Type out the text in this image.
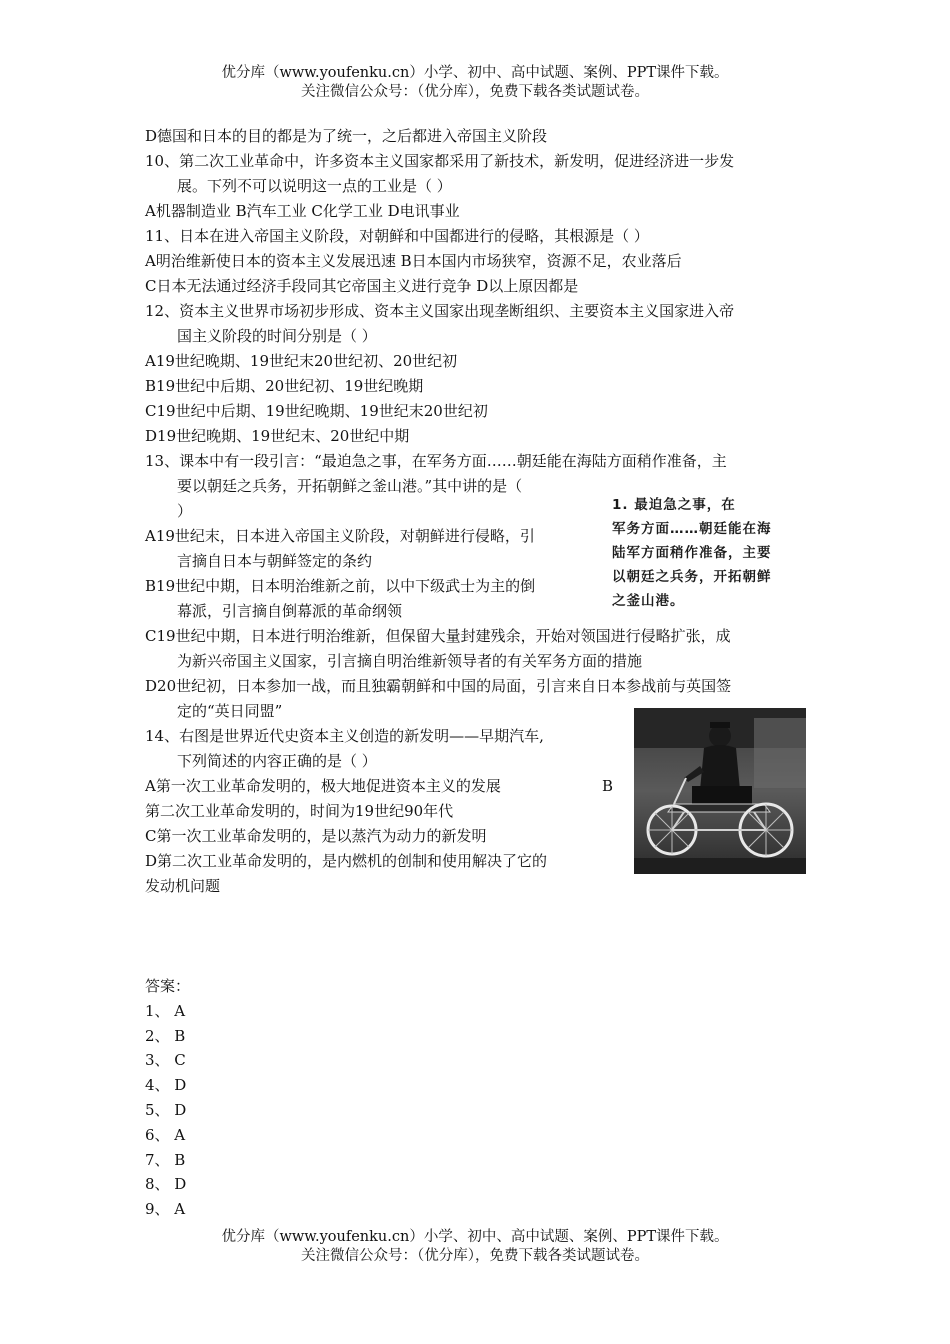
优分库（www.youfenku.cn）小学、初中、高中试题、案例、PPT课件下载。
关注微信公众号：（优分库），免费下载各类试题试卷。
D德国和日本的目的都是为了统一，之后都进入帝国主义阶段
10、第二次工业革命中，许多资本主义国家都采用了新技术，新发明，促进经济进一步发
展。下列不可以说明这一点的工业是（ ）
A机器制造业 B汽车工业 C化学工业 D电讯事业
11、日本在进入帝国主义阶段，对朝鲜和中国都进行的侵略，其根源是（ ）
A明治维新使日本的资本主义发展迅速 B日本国内市场狭窄，资源不足，农业落后
C日本无法通过经济手段同其它帝国主义进行竞争 D以上原因都是
12、资本主义世界市场初步形成、资本主义国家出现垄断组织、主要资本主义国家进入帝
国主义阶段的时间分别是（ ）
A19世纪晚期、19世纪末20世纪初、20世纪初
B19世纪中后期、20世纪初、19世纪晚期
C19世纪中后期、19世纪晚期、19世纪末20世纪初
D19世纪晚期、19世纪末、20世纪中期
13、课本中有一段引言：“最迫急之事，在军务方面……朝廷能在海陆方面稍作准备，主
要以朝廷之兵务，开拓朝鲜之釜山港。”其中讲的是（
）
A19世纪末，日本进入帝国主义阶段，对朝鲜进行侵略，引
言摘自日本与朝鲜签定的条约
B19世纪中期，日本明治维新之前，以中下级武士为主的倒
幕派，引言摘自倒幕派的革命纲领
C19世纪中期，日本进行明治维新，但保留大量封建残余，开始对领国进行侵略扩张，成
为新兴帝国主义国家，引言摘自明治维新领导者的有关军务方面的措施
D20世纪初，日本参加一战，而且独霸朝鲜和中国的局面，引言来自日本参战前与英国签
定的“英日同盟”
14、右图是世界近代史资本主义创造的新发明——早期汽车,
下列简述的内容正确的是（ ）
A第一次工业革命发明的，极大地促进资本主义的发展	B
第二次工业革命发明的，时间为19世纪90年代
C第一次工业革命发明的，是以蒸汽为动力的新发明
D第二次工业革命发明的，是内燃机的创制和使用解决了它的
发动机问题
答案：
1、 A
2、 B
3、 C
4、 D
5、 D
6、 A
7、 B
8、 D
9、 A
1. 最迫急之事，在
军务方面……朝廷能在海
陆军方面稍作准备，主要
以朝廷之兵务，开拓朝鲜
之釜山港。
优分库（www.youfenku.cn）小学、初中、高中试题、案例、PPT课件下载。
关注微信公众号：（优分库），免费下载各类试题试卷。
